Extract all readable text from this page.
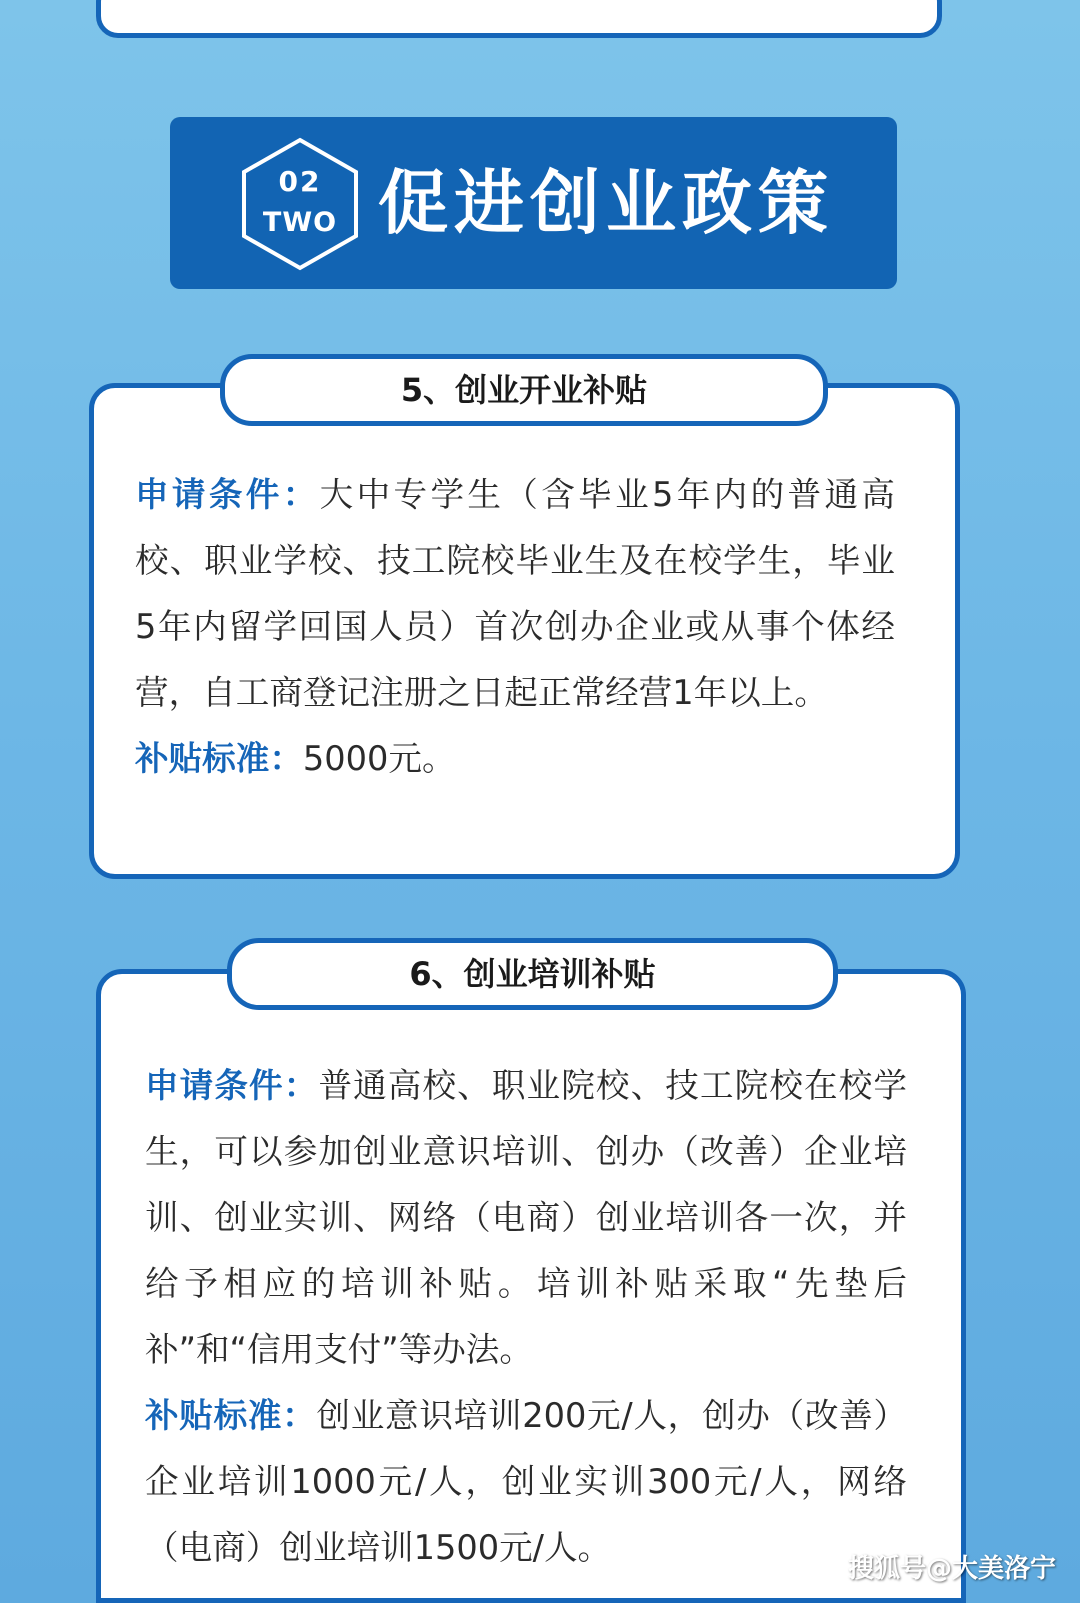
02
TWO 促进创业政策

申请条件：大中专学生（含毕业5年内的普通高校、职业学校、技工院校毕业生及在校学生，毕业5年内留学回国人员）首次创办企业或从事个体经营，自工商登记注册之日起正常经营1年以上。

补贴标准：5000元。

5、创业开业补贴

申请条件：普通高校、职业院校、技工院校在校学生，可以参加创业意识培训、创办（改善）企业培训、创业实训、网络（电商）创业培训各一次，并给予相应的培训补贴。培训补贴采取“先垫后补”和“信用支付”等办法。

补贴标准：创业意识培训200元/人，创办（改善）企业培训1000元/人，创业实训300元/人，网络（电商）创业培训1500元/人。

6、创业培训补贴
搜狐号@大美洛宁
